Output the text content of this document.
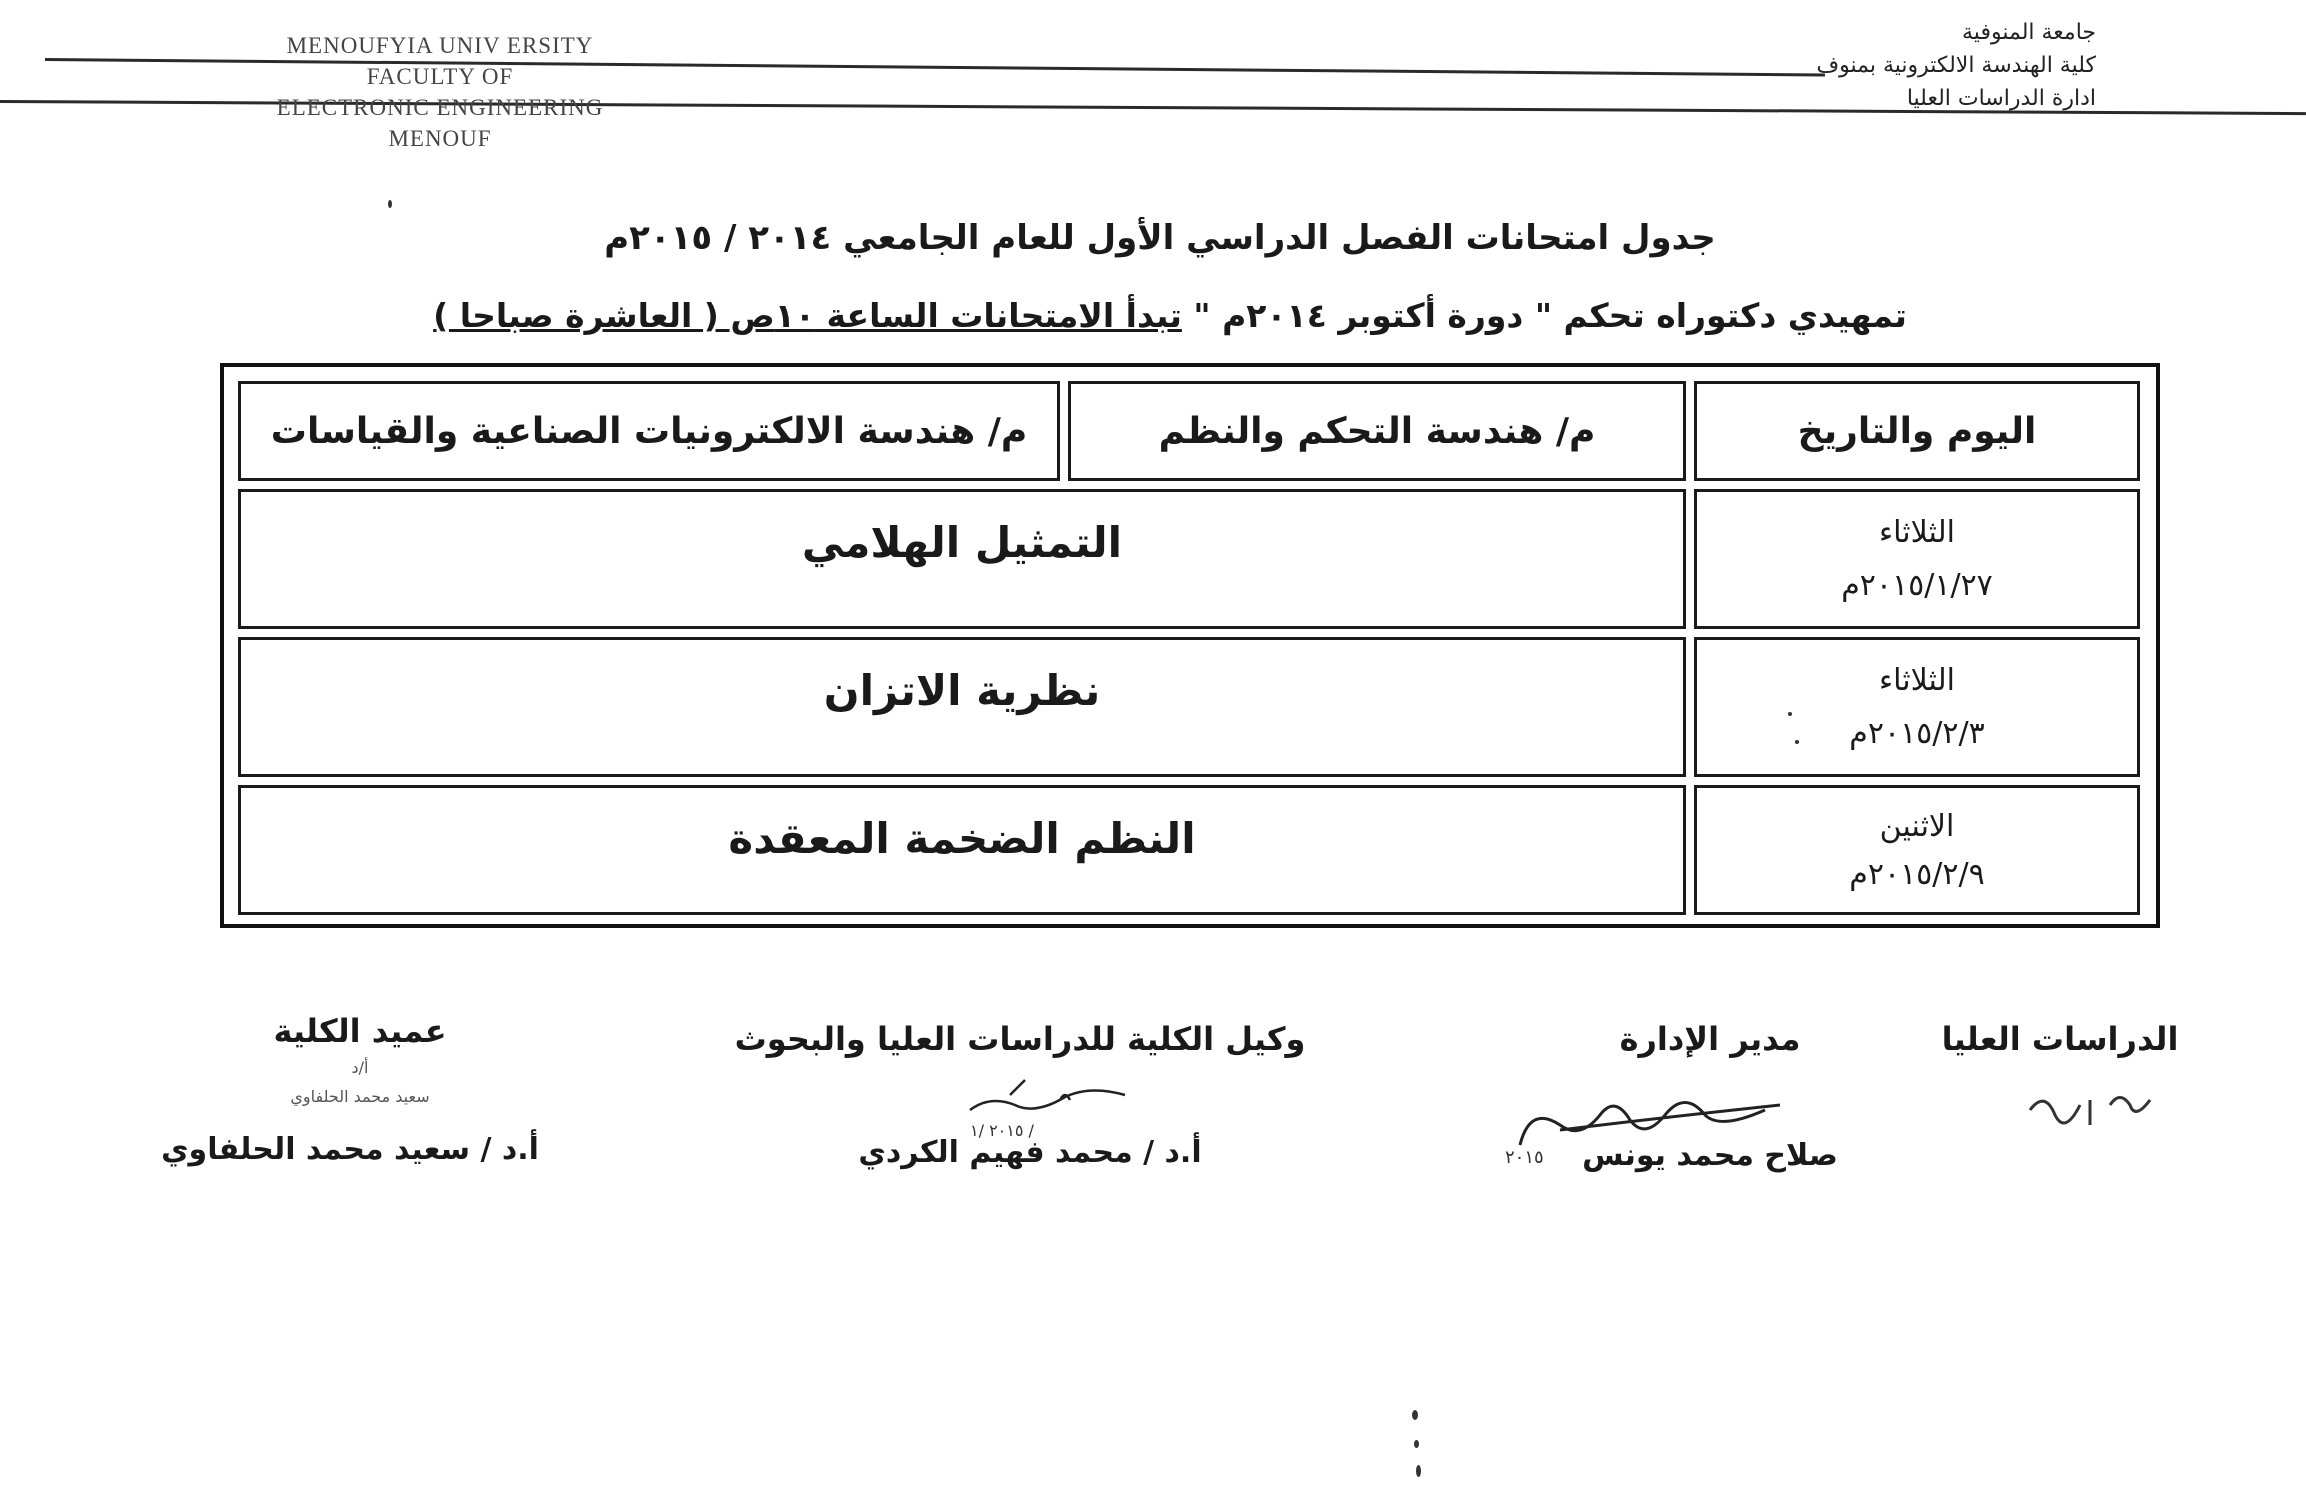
MENOUFYIA UNIV ERSITY
FACULTY OF
ELECTRONIC ENGINEERING
MENOUF
جامعة المنوفية
كلية الهندسة الالكترونية بمنوف
ادارة الدراسات العليا
جدول امتحانات الفصل الدراسي الأول للعام الجامعي ٢٠١٤ / ٢٠١٥م
تمهيدي دكتوراه تحكم " دورة أكتوبر ٢٠١٤م " تبدأ الامتحانات الساعة ١٠ص ( العاشرة صباحا )
اليوم والتاريخ
م/ هندسة التحكم والنظم
م/ هندسة الالكترونيات الصناعية والقياسات
الثلاثاء
٢٠١٥/١/٢٧م
التمثيل الهلامي
الثلاثاء
٢٠١٥/٢/٣م
نظرية الاتزان
الاثنين
٢٠١٥/٢/٩م
النظم الضخمة المعقدة
الدراسات العليا
مدير الإدارة
٢٠١٥	صلاح محمد يونس
وكيل الكلية للدراسات العليا والبحوث
٢٠١٥ /١ /
أ.د / محمد فهيم الكردي
عميد الكلية
أ/د
سعيد محمد الحلفاوي
أ.د / سعيد محمد الحلفاوي
